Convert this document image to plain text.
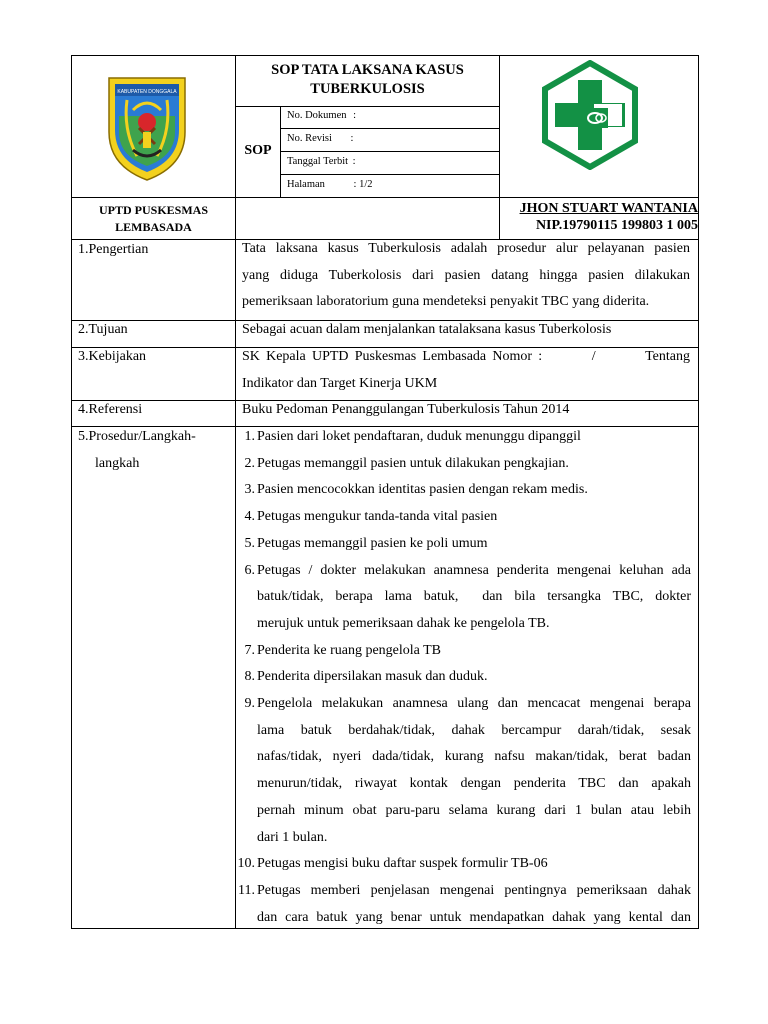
KABUPATEN DONGGALA
SOP TATA LAKSANA KASUS
TUBERKULOSIS
SOP
No. Dokumen :
No. Revisi :
Tanggal Terbit :
Halaman	: 1/2
UPTD PUSKESMAS
LEMBASADA
JHON STUART WANTANIA
NIP.19790115 199803 1 005
1.Pengertian	Tata laksana kasus Tuberkulosis adalah prosedur alur pelayanan pasien
yang diduga Tuberkolosis dari pasien datang hingga pasien dilakukan
pemeriksaan laboratorium guna mendeteksi penyakit TBC yang diderita.
2.Tujuan	Sebagai acuan dalam menjalankan tatalaksana kasus Tuberkolosis
3.Kebijakan	SK Kepala UPTD Puskesmas Lembasada Nomor :        /        Tentang
Indikator dan Target Kinerja UKM
4.Referensi	Buku Pedoman Penanggulangan Tuberkulosis Tahun 2014
5.Prosedur/Langkah-
langkah
1. Pasien dari loket pendaftaran, duduk menunggu dipanggil
2. Petugas memanggil pasien untuk dilakukan pengkajian.
3. Pasien mencocokkan identitas pasien dengan rekam medis.
4. Petugas mengukur tanda-tanda vital pasien
5. Petugas memanggil pasien ke poli umum
6. Petugas / dokter melakukan anamnesa penderita mengenai keluhan ada
batuk/tidak, berapa lama batuk,  dan bila tersangka TBC, dokter
merujuk untuk pemeriksaan dahak ke pengelola TB.
7. Penderita ke ruang pengelola TB
8. Penderita dipersilakan masuk dan duduk.
9. Pengelola melakukan anamnesa ulang dan mencacat mengenai berapa
lama batuk berdahak/tidak, dahak bercampur darah/tidak, sesak
nafas/tidak, nyeri dada/tidak, kurang nafsu makan/tidak, berat badan
menurun/tidak, riwayat kontak dengan penderita TBC dan apakah
pernah minum obat paru-paru selama kurang dari 1 bulan atau lebih
dari 1 bulan.
10. Petugas mengisi buku daftar suspek formulir TB-06
11. Petugas memberi penjelasan mengenai pentingnya pemeriksaan dahak
dan cara batuk yang benar untuk mendapatkan dahak yang kental dan
